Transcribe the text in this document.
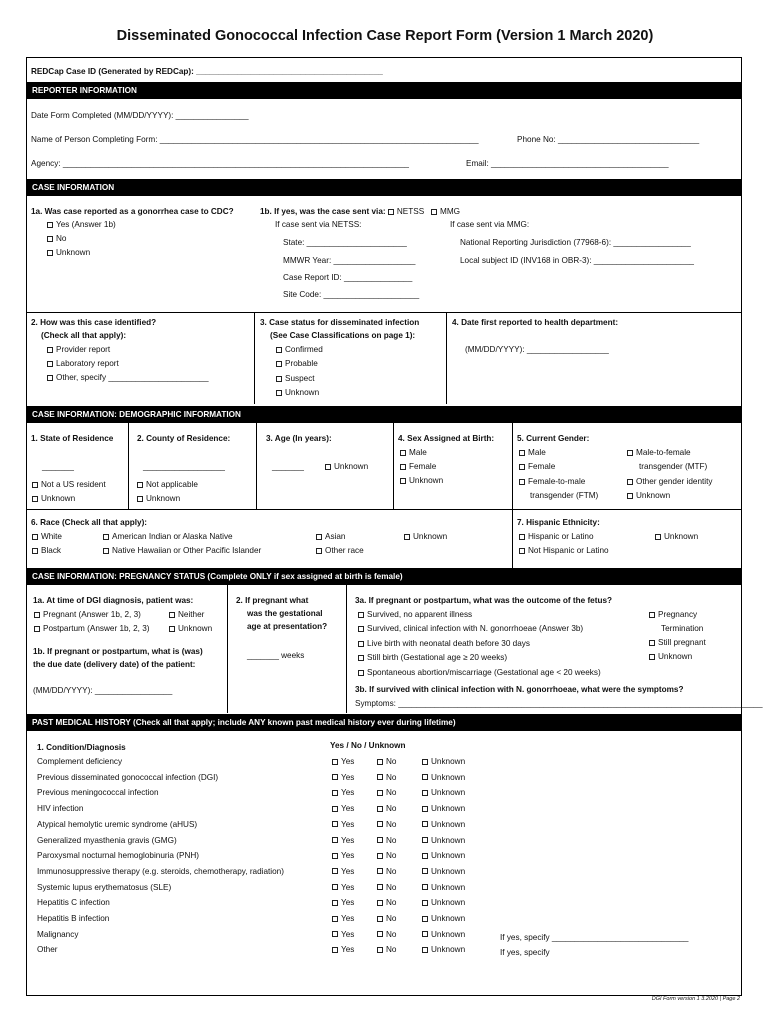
Disseminated Gonococcal Infection Case Report Form (Version 1 March 2020)
REDCap Case ID (Generated by REDCap): _________________________________________
REPORTER INFORMATION
Date Form Completed (MM/DD/YYYY): ________________
Name of Person Completing Form: ______________________________________________________________________	Phone No: _______________________________
Agency: ____________________________________________________________________________	Email: _______________________________________
CASE INFORMATION
1a. Was case reported as a gonorrhea case to CDC?
Yes (Answer 1b)
No
Unknown
1b. If yes, was the case sent via: NETSS MMG
If case sent via NETSS:	If case sent via MMG:
State: ______________________
MMWR Year: __________________
Case Report ID: _______________
Site Code: _____________________
National Reporting Jurisdiction (77968-6): _________________
Local subject ID (INV168 in OBR-3): ______________________
2. How was this case identified?
(Check all that apply):
Provider report
Laboratory report
Other, specify ______________________
3. Case status for disseminated infection
(See Case Classifications on page 1):
Confirmed
Probable
Suspect
Unknown
4. Date first reported to health department:
(MM/DD/YYYY): __________________
CASE INFORMATION: DEMOGRAPHIC INFORMATION
1. State of Residence
_______
Not a US resident
Unknown
2. County of Residence:
__________________
Not applicable
Unknown
3. Age (In years):
_______	Unknown
4. Sex Assigned at Birth:
Male
Female
Unknown
5. Current Gender:
Male
Female
Female-to-male
transgender (FTM)
Male-to-female
transgender (MTF)
Other gender identity
Unknown
6. Race (Check all that apply):
White
Black
American Indian or Alaska Native
Native Hawaiian or Other Pacific Islander
Asian
Other race
Unknown
7. Hispanic Ethnicity:
Hispanic or Latino
Not Hispanic or Latino
Unknown
CASE INFORMATION: PREGNANCY STATUS (Complete ONLY if sex assigned at birth is female)
1a. At time of DGI diagnosis, patient was:
Pregnant (Answer 1b, 2, 3)	Neither
Postpartum (Answer 1b, 2, 3)	Unknown
1b. If pregnant or postpartum, what is (was)
the due date (delivery date) of the patient:
(MM/DD/YYYY): _________________
2. If pregnant what
was the gestational
age at presentation?
_______ weeks
3a. If pregnant or postpartum, what was the outcome of the fetus?
Survived, no apparent illness
Survived, clinical infection with N. gonorrhoeae (Answer 3b)
Live birth with neonatal death before 30 days
Still birth (Gestational age ≥ 20 weeks)
Spontaneous abortion/miscarriage (Gestational age < 20 weeks)
Pregnancy
Termination
Still pregnant
Unknown
3b. If survived with clinical infection with N. gonorrhoeae, what were the symptoms?
Symptoms: ________________________________________________________________________________
PAST MEDICAL HISTORY (Check all that apply; include ANY known past medical history ever during lifetime)
1. Condition/Diagnosis	Yes / No / Unknown
Complement deficiency	Yes	No	Unknown
Previous disseminated gonococcal infection (DGI)	Yes	No	Unknown
Previous meningococcal infection	Yes	No	Unknown
HIV infection	Yes	No	Unknown
Atypical hemolytic uremic syndrome (aHUS)	Yes	No	Unknown
Generalized myasthenia gravis (GMG)	Yes	No	Unknown
Paroxysmal nocturnal hemoglobinuria (PNH)	Yes	No	Unknown
Immunosuppressive therapy (e.g. steroids, chemotherapy, radiation)	Yes	No	Unknown
Systemic lupus erythematosus (SLE)	Yes	No	Unknown
Hepatitis C infection	Yes	No	Unknown
Hepatitis B infection	Yes	No	Unknown
Malignancy	Yes	No	Unknown
Other	Yes	No	Unknown
If yes, specify ______________________________
If yes, specify
DGI Form version 1 3.2020 | Page 2
